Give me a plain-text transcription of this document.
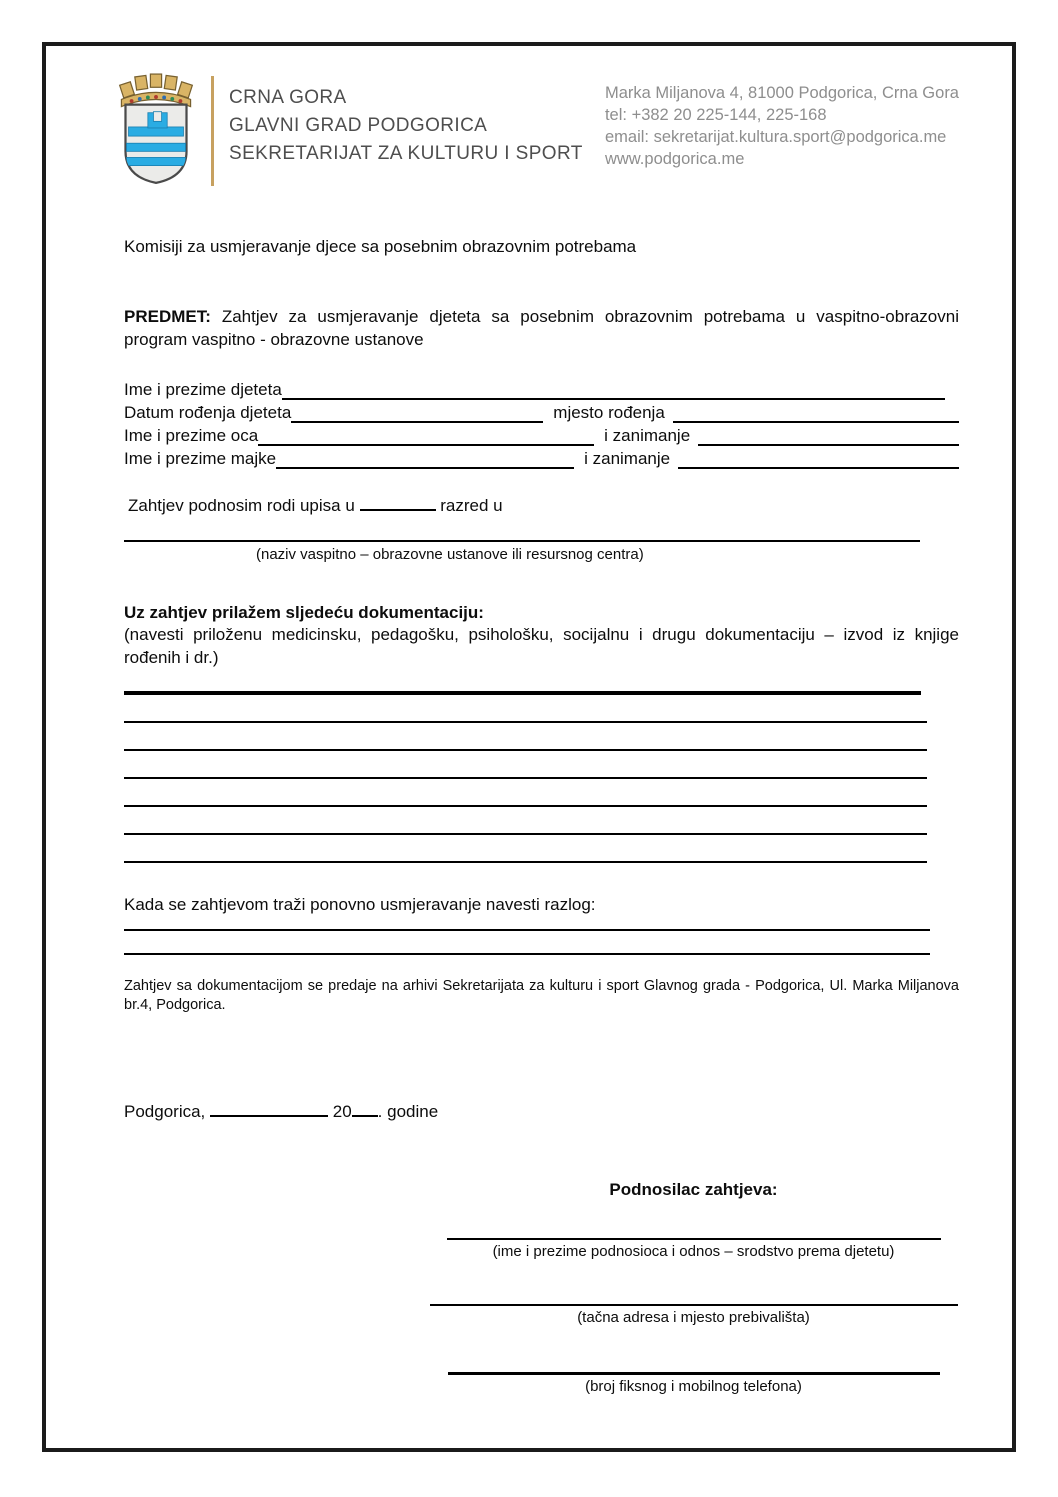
CRNA GORA
GLAVNI GRAD PODGORICA
SEKRETARIJAT ZA KULTURU I SPORT
Marka Miljanova 4, 81000 Podgorica, Crna Gora
tel: +382 20 225-144, 225-168
email: sekretarijat.kultura.sport@podgorica.me
www.podgorica.me
Komisiji za usmjeravanje djece sa posebnim obrazovnim potrebama
PREDMET: Zahtjev za usmjeravanje djeteta sa posebnim obrazovnim potrebama u vaspitno-obrazovni program vaspitno - obrazovne ustanove
Ime i prezime djeteta
Datum rođenja djeteta	mjesto rođenja
Ime i prezime oca	i zanimanje
Ime i prezime majke	i zanimanje
Zahtjev podnosim rodi upisa u	razred u
(naziv vaspitno – obrazovne ustanove ili resursnog centra)
Uz zahtjev prilažem sljedeću dokumentaciju:
(navesti priloženu medicinsku, pedagošku, psihološku, socijalnu i drugu dokumentaciju – izvod iz knjige rođenih i dr.)
Kada se zahtjevom traži ponovno usmjeravanje navesti razlog:
Zahtjev sa dokumentacijom se predaje na arhivi Sekretarijata za kulturu i sport Glavnog grada - Podgorica, Ul. Marka Miljanova br.4, Podgorica.
Podgorica,	20 . godine
Podnosilac zahtjeva:
(ime i prezime podnosioca i odnos – srodstvo prema djetetu)
(tačna adresa i mjesto prebivališta)
(broj fiksnog i mobilnog telefona)
